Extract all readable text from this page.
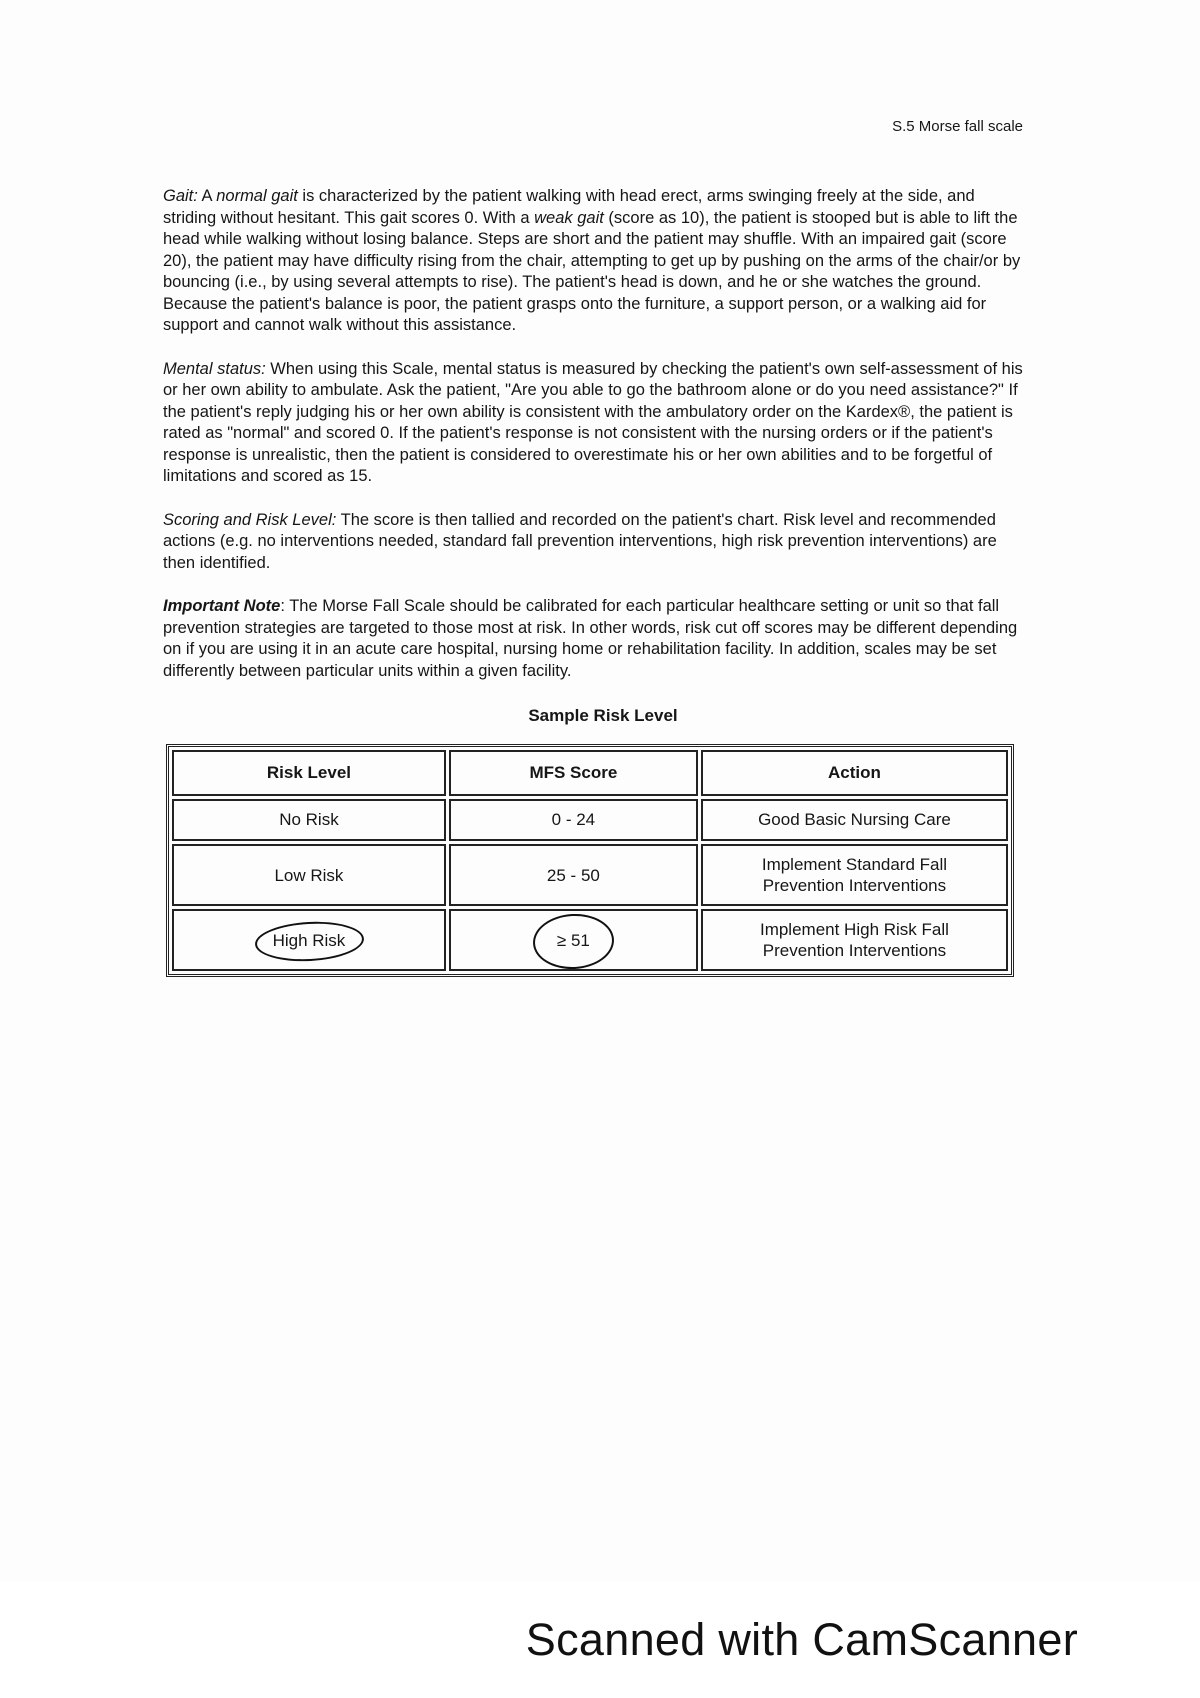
S.5 Morse fall scale

Gait: A normal gait is characterized by the patient walking with head erect, arms swinging freely at the side, and striding without hesitant. This gait scores 0. With a weak gait (score as 10), the patient is stooped but is able to lift the head while walking without losing balance. Steps are short and the patient may shuffle. With an impaired gait (score 20), the patient may have difficulty rising from the chair, attempting to get up by pushing on the arms of the chair/or by bouncing (i.e., by using several attempts to rise). The patient's head is down, and he or she watches the ground. Because the patient's balance is poor, the patient grasps onto the furniture, a support person, or a walking aid for support and cannot walk without this assistance.

Mental status: When using this Scale, mental status is measured by checking the patient's own self-assessment of his or her own ability to ambulate. Ask the patient, "Are you able to go the bathroom alone or do you need assistance?" If the patient's reply judging his or her own ability is consistent with the ambulatory order on the Kardex®, the patient is rated as "normal" and scored 0. If the patient's response is not consistent with the nursing orders or if the patient's response is unrealistic, then the patient is considered to overestimate his or her own abilities and to be forgetful of limitations and scored as 15.

Scoring and Risk Level: The score is then tallied and recorded on the patient's chart. Risk level and recommended actions (e.g. no interventions needed, standard fall prevention interventions, high risk prevention interventions) are then identified.

Important Note: The Morse Fall Scale should be calibrated for each particular healthcare setting or unit so that fall prevention strategies are targeted to those most at risk. In other words, risk cut off scores may be different depending on if you are using it in an acute care hospital, nursing home or rehabilitation facility. In addition, scales may be set differently between particular units within a given facility.

Sample Risk Level
Risk Level	MFS Score	Action
No Risk	0 - 24	Good Basic Nursing Care
Low Risk	25 - 50	Implement Standard Fall
Prevention Interventions

High Risk	≥ 51	Implement High Risk Fall
Prevention Interventions
Scanned with CamScanner
